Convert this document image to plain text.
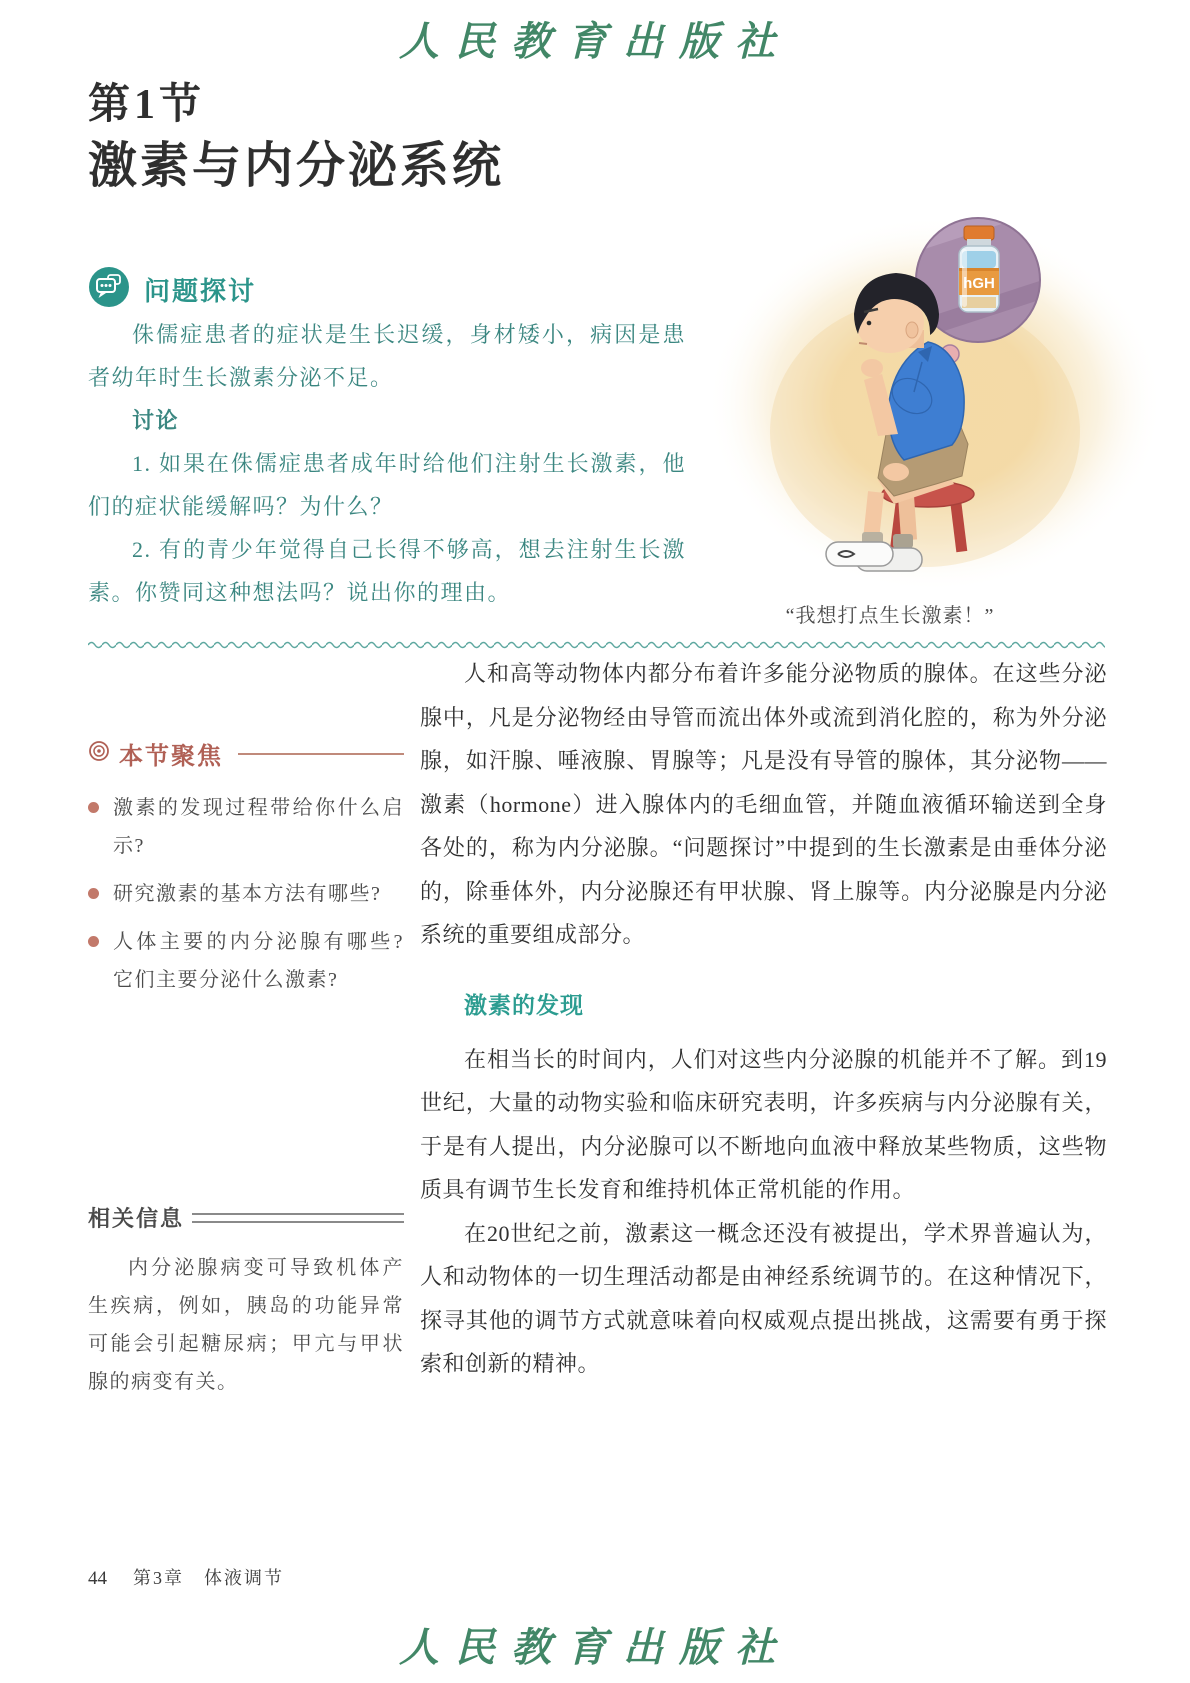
人民教育出版社
第1节
激素与内分泌系统
问题探讨

侏儒症患者的症状是生长迟缓，身材矮小，病因是患者幼年时生长激素分泌不足。

讨论

1. 如果在侏儒症患者成年时给他们注射生长激素，他们的症状能缓解吗？为什么？

2. 有的青少年觉得自己长得不够高，想去注射生长激素。你赞同这种想法吗？说出你的理由。

hGH
“我想打点生长激素！”
本节聚焦
激素的发现过程带给你什么启示?
研究激素的基本方法有哪些?
人体主要的内分泌腺有哪些? 它们主要分泌什么激素?
相关信息

内分泌腺病变可导致机体产生疾病，例如，胰岛的功能异常可能会引起糖尿病；甲亢与甲状腺的病变有关。

人和高等动物体内都分布着许多能分泌物质的腺体。在这些分泌腺中，凡是分泌物经由导管而流出体外或流到消化腔的，称为外分泌腺，如汗腺、唾液腺、胃腺等；凡是没有导管的腺体，其分泌物——激素（hormone）进入腺体内的毛细血管，并随血液循环输送到全身各处的，称为内分泌腺。“问题探讨”中提到的生长激素是由垂体分泌的，除垂体外，内分泌腺还有甲状腺、肾上腺等。内分泌腺是内分泌系统的重要组成部分。

激素的发现

在相当长的时间内，人们对这些内分泌腺的机能并不了解。到19世纪，大量的动物实验和临床研究表明，许多疾病与内分泌腺有关，于是有人提出，内分泌腺可以不断地向血液中释放某些物质，这些物质具有调节生长发育和维持机体正常机能的作用。

在20世纪之前，激素这一概念还没有被提出，学术界普遍认为，人和动物体的一切生理活动都是由神经系统调节的。在这种情况下，探寻其他的调节方式就意味着向权威观点提出挑战，这需要有勇于探索和创新的精神。

44 第3章　体液调节
人民教育出版社
